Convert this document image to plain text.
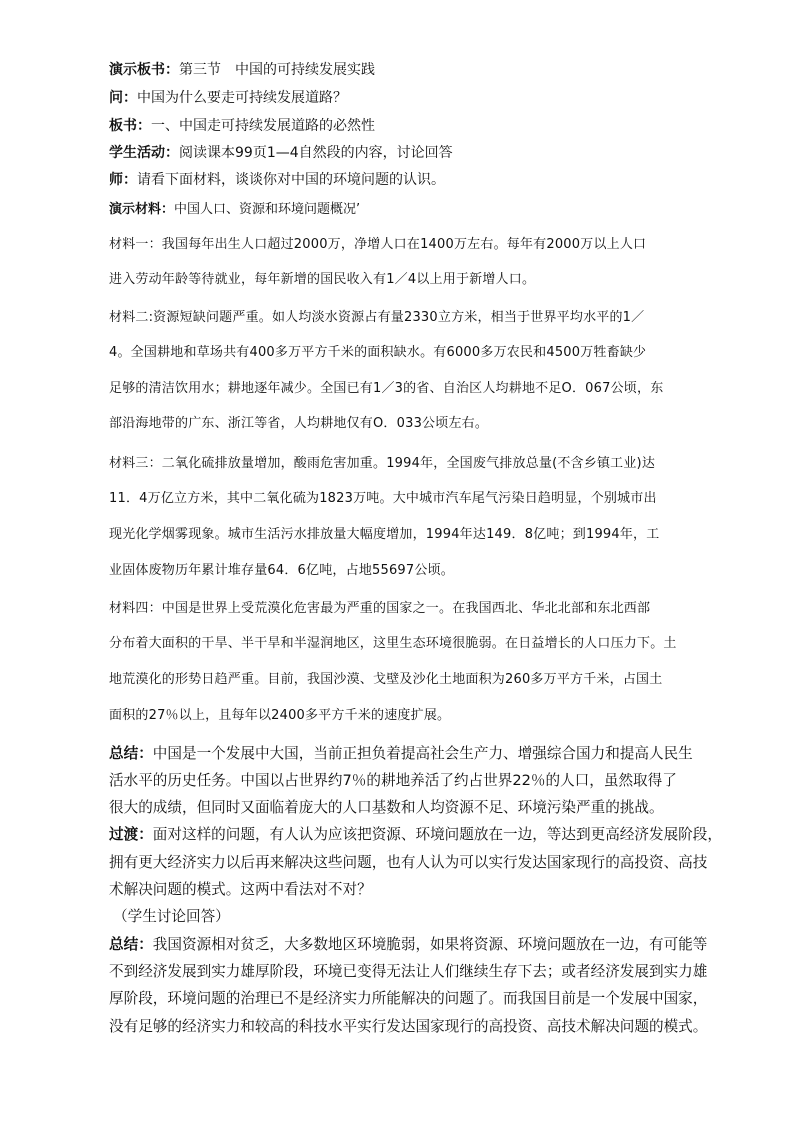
演示板书：第三节　中国的可持续发展实践
问：中国为什么要走可持续发展道路？
板书：一、中国走可持续发展道路的必然性
学生活动：阅读课本99页1—4自然段的内容，讨论回答
师：请看下面材料，谈谈你对中国的环境问题的认识。
演示材料：中国人口、资源和环境问题概况’
材料一：我国每年出生人口超过2000万，净增人口在1400万左右。每年有2000万以上人口
进入劳动年龄等待就业，每年新增的国民收入有1／4以上用于新增人口。
材料二:资源短缺问题严重。如人均淡水资源占有量2330立方米，相当于世界平均水平的1／
4。全国耕地和草场共有400多万平方千米的面积缺水。有6000多万农民和4500万牲畜缺少
足够的清洁饮用水；耕地逐年减少。全国已有1／3的省、自治区人均耕地不足O．067公顷，东
部沿海地带的广东、浙江等省，人均耕地仅有O．033公顷左右。
材料三：二氧化硫排放量增加，酸雨危害加重。1994年，全国废气排放总量(不含乡镇工业)达
11．4万亿立方米，其中二氧化硫为1823万吨。大中城市汽车尾气污染日趋明显，个别城市出
现光化学烟雾现象。城市生活污水排放量大幅度增加，1994年达149．8亿吨；到1994年，工
业固体废物历年累计堆存量64．6亿吨，占地55697公顷。
材料四：中国是世界上受荒漠化危害最为严重的国家之一。在我国西北、华北北部和东北西部
分布着大面积的干旱、半干旱和半湿润地区，这里生态环境很脆弱。在日益增长的人口压力下。土
地荒漠化的形势日趋严重。目前，我国沙漠、戈壁及沙化土地面积为260多万平方千米，占国土
面积的27％以上，且每年以2400多平方千米的速度扩展。
总结：中国是一个发展中大国，当前正担负着提高社会生产力、增强综合国力和提高人民生
活水平的历史任务。中国以占世界约7％的耕地养活了约占世界22％的人口，虽然取得了
很大的成绩，但同时又面临着庞大的人口基数和人均资源不足、环境污染严重的挑战。
过渡：面对这样的问题，有人认为应该把资源、环境问题放在一边，等达到更高经济发展阶段，
拥有更大经济实力以后再来解决这些问题，也有人认为可以实行发达国家现行的高投资、高技
术解决问题的模式。这两中看法对不对？
（学生讨论回答）
总结：我国资源相对贫乏，大多数地区环境脆弱，如果将资源、环境问题放在一边，有可能等
不到经济发展到实力雄厚阶段，环境已变得无法让人们继续生存下去；或者经济发展到实力雄
厚阶段，环境问题的治理已不是经济实力所能解决的问题了。而我国目前是一个发展中国家，
没有足够的经济实力和较高的科技水平实行发达国家现行的高投资、高技术解决问题的模式。
